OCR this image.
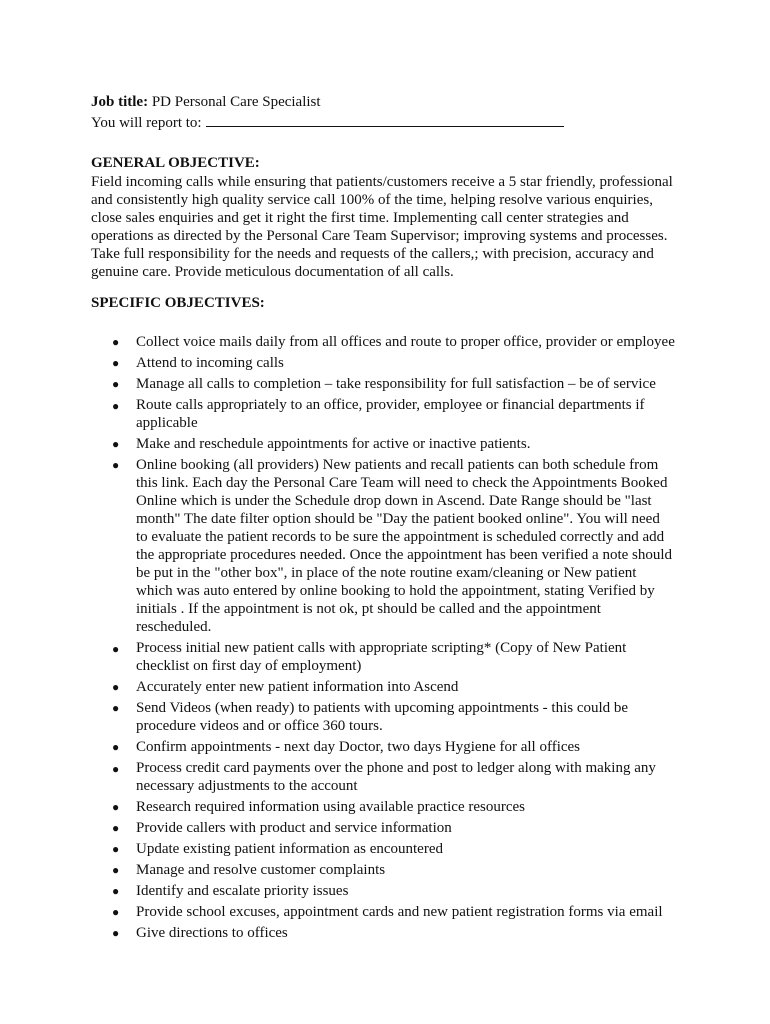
Job title: PD Personal Care Specialist
You will report to:
GENERAL OBJECTIVE:
Field incoming calls while ensuring that patients/customers receive a 5 star friendly, professional
and consistently high quality service call 100% of the time, helping resolve various enquiries,
close sales enquiries and get it right the first time. Implementing call center strategies and
operations as directed by the Personal Care Team Supervisor; improving systems and processes.
Take full responsibility for the needs and requests of the callers,; with precision, accuracy and
genuine care. Provide meticulous documentation of all calls.
SPECIFIC OBJECTIVES:
● Collect voice mails daily from all offices and route to proper office, provider or employee
● Attend to incoming calls
● Manage all calls to completion – take responsibility for full satisfaction – be of service
● Route calls appropriately to an office, provider, employee or financial departments if
applicable
● Make and reschedule appointments for active or inactive patients.
● Online booking (all providers) New patients and recall patients can both schedule from
this link. Each day the Personal Care Team will need to check the Appointments Booked
Online which is under the Schedule drop down in Ascend. Date Range should be "last
month" The date filter option should be "Day the patient booked online". You will need
to evaluate the patient records to be sure the appointment is scheduled correctly and add
the appropriate procedures needed. Once the appointment has been verified a note should
be put in the "other box", in place of the note routine exam/cleaning or New patient
which was auto entered by online booking to hold the appointment, stating Verified by
initials . If the appointment is not ok, pt should be called and the appointment
rescheduled.
● Process initial new patient calls with appropriate scripting* (Copy of New Patient
checklist on first day of employment)
● Accurately enter new patient information into Ascend
● Send Videos (when ready) to patients with upcoming appointments - this could be
procedure videos and or office 360 tours.
● Confirm appointments - next day Doctor, two days Hygiene for all offices
● Process credit card payments over the phone and post to ledger along with making any
necessary adjustments to the account
● Research required information using available practice resources
● Provide callers with product and service information
● Update existing patient information as encountered
● Manage and resolve customer complaints
● Identify and escalate priority issues
● Provide school excuses, appointment cards and new patient registration forms via email
● Give directions to offices
